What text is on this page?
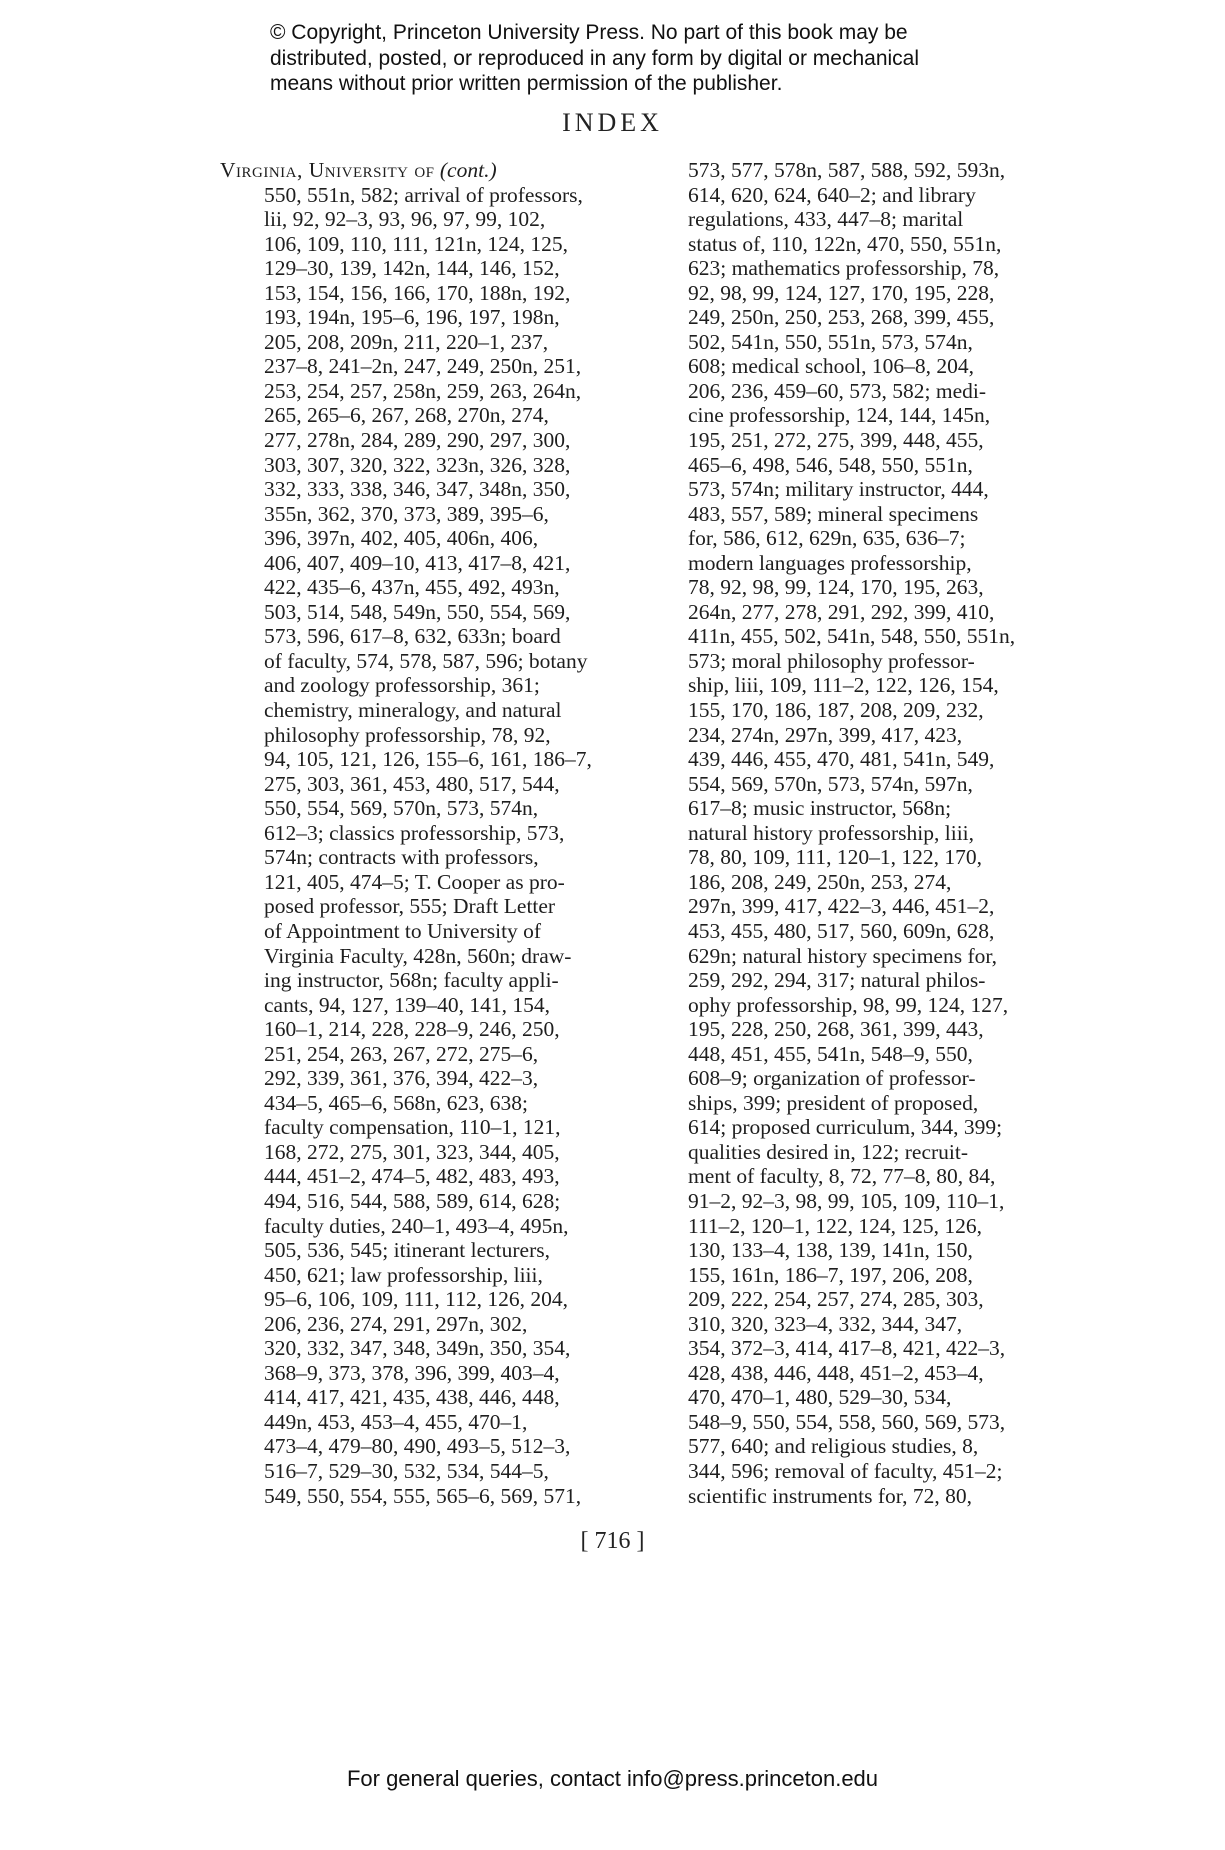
© Copyright, Princeton University Press. No part of this book may be
distributed, posted, or reproduced in any form by digital or mechanical
means without prior written permission of the publisher.
INDEX
Virginia, University of (cont.)
550, 551n, 582; arrival of professors,
lii, 92, 92–3, 93, 96, 97, 99, 102,
106, 109, 110, 111, 121n, 124, 125,
129–30, 139, 142n, 144, 146, 152,
153, 154, 156, 166, 170, 188n, 192,
193, 194n, 195–6, 196, 197, 198n,
205, 208, 209n, 211, 220–1, 237,
237–8, 241–2n, 247, 249, 250n, 251,
253, 254, 257, 258n, 259, 263, 264n,
265, 265–6, 267, 268, 270n, 274,
277, 278n, 284, 289, 290, 297, 300,
303, 307, 320, 322, 323n, 326, 328,
332, 333, 338, 346, 347, 348n, 350,
355n, 362, 370, 373, 389, 395–6,
396, 397n, 402, 405, 406n, 406,
406, 407, 409–10, 413, 417–8, 421,
422, 435–6, 437n, 455, 492, 493n,
503, 514, 548, 549n, 550, 554, 569,
573, 596, 617–8, 632, 633n; board
of faculty, 574, 578, 587, 596; botany
and zoology professorship, 361;
chemistry, mineralogy, and natural
philosophy professorship, 78, 92,
94, 105, 121, 126, 155–6, 161, 186–7,
275, 303, 361, 453, 480, 517, 544,
550, 554, 569, 570n, 573, 574n,
612–3; classics professorship, 573,
574n; contracts with professors,
121, 405, 474–5; T. Cooper as pro-
posed professor, 555; Draft Letter
of Appointment to University of
Virginia Faculty, 428n, 560n; draw-
ing instructor, 568n; faculty appli-
cants, 94, 127, 139–40, 141, 154,
160–1, 214, 228, 228–9, 246, 250,
251, 254, 263, 267, 272, 275–6,
292, 339, 361, 376, 394, 422–3,
434–5, 465–6, 568n, 623, 638;
faculty compensation, 110–1, 121,
168, 272, 275, 301, 323, 344, 405,
444, 451–2, 474–5, 482, 483, 493,
494, 516, 544, 588, 589, 614, 628;
faculty duties, 240–1, 493–4, 495n,
505, 536, 545; itinerant lecturers,
450, 621; law professorship, liii,
95–6, 106, 109, 111, 112, 126, 204,
206, 236, 274, 291, 297n, 302,
320, 332, 347, 348, 349n, 350, 354,
368–9, 373, 378, 396, 399, 403–4,
414, 417, 421, 435, 438, 446, 448,
449n, 453, 453–4, 455, 470–1,
473–4, 479–80, 490, 493–5, 512–3,
516–7, 529–30, 532, 534, 544–5,
549, 550, 554, 555, 565–6, 569, 571,
573, 577, 578n, 587, 588, 592, 593n,
614, 620, 624, 640–2; and library
regulations, 433, 447–8; marital
status of, 110, 122n, 470, 550, 551n,
623; mathematics professorship, 78,
92, 98, 99, 124, 127, 170, 195, 228,
249, 250n, 250, 253, 268, 399, 455,
502, 541n, 550, 551n, 573, 574n,
608; medical school, 106–8, 204,
206, 236, 459–60, 573, 582; medi-
cine professorship, 124, 144, 145n,
195, 251, 272, 275, 399, 448, 455,
465–6, 498, 546, 548, 550, 551n,
573, 574n; military instructor, 444,
483, 557, 589; mineral specimens
for, 586, 612, 629n, 635, 636–7;
modern languages professorship,
78, 92, 98, 99, 124, 170, 195, 263,
264n, 277, 278, 291, 292, 399, 410,
411n, 455, 502, 541n, 548, 550, 551n,
573; moral philosophy professor-
ship, liii, 109, 111–2, 122, 126, 154,
155, 170, 186, 187, 208, 209, 232,
234, 274n, 297n, 399, 417, 423,
439, 446, 455, 470, 481, 541n, 549,
554, 569, 570n, 573, 574n, 597n,
617–8; music instructor, 568n;
natural history professorship, liii,
78, 80, 109, 111, 120–1, 122, 170,
186, 208, 249, 250n, 253, 274,
297n, 399, 417, 422–3, 446, 451–2,
453, 455, 480, 517, 560, 609n, 628,
629n; natural history specimens for,
259, 292, 294, 317; natural philos-
ophy professorship, 98, 99, 124, 127,
195, 228, 250, 268, 361, 399, 443,
448, 451, 455, 541n, 548–9, 550,
608–9; organization of professor-
ships, 399; president of proposed,
614; proposed curriculum, 344, 399;
qualities desired in, 122; recruit-
ment of faculty, 8, 72, 77–8, 80, 84,
91–2, 92–3, 98, 99, 105, 109, 110–1,
111–2, 120–1, 122, 124, 125, 126,
130, 133–4, 138, 139, 141n, 150,
155, 161n, 186–7, 197, 206, 208,
209, 222, 254, 257, 274, 285, 303,
310, 320, 323–4, 332, 344, 347,
354, 372–3, 414, 417–8, 421, 422–3,
428, 438, 446, 448, 451–2, 453–4,
470, 470–1, 480, 529–30, 534,
548–9, 550, 554, 558, 560, 569, 573,
577, 640; and religious studies, 8,
344, 596; removal of faculty, 451–2;
scientific instruments for, 72, 80,
[ 716 ]
For general queries, contact info@press.princeton.edu
